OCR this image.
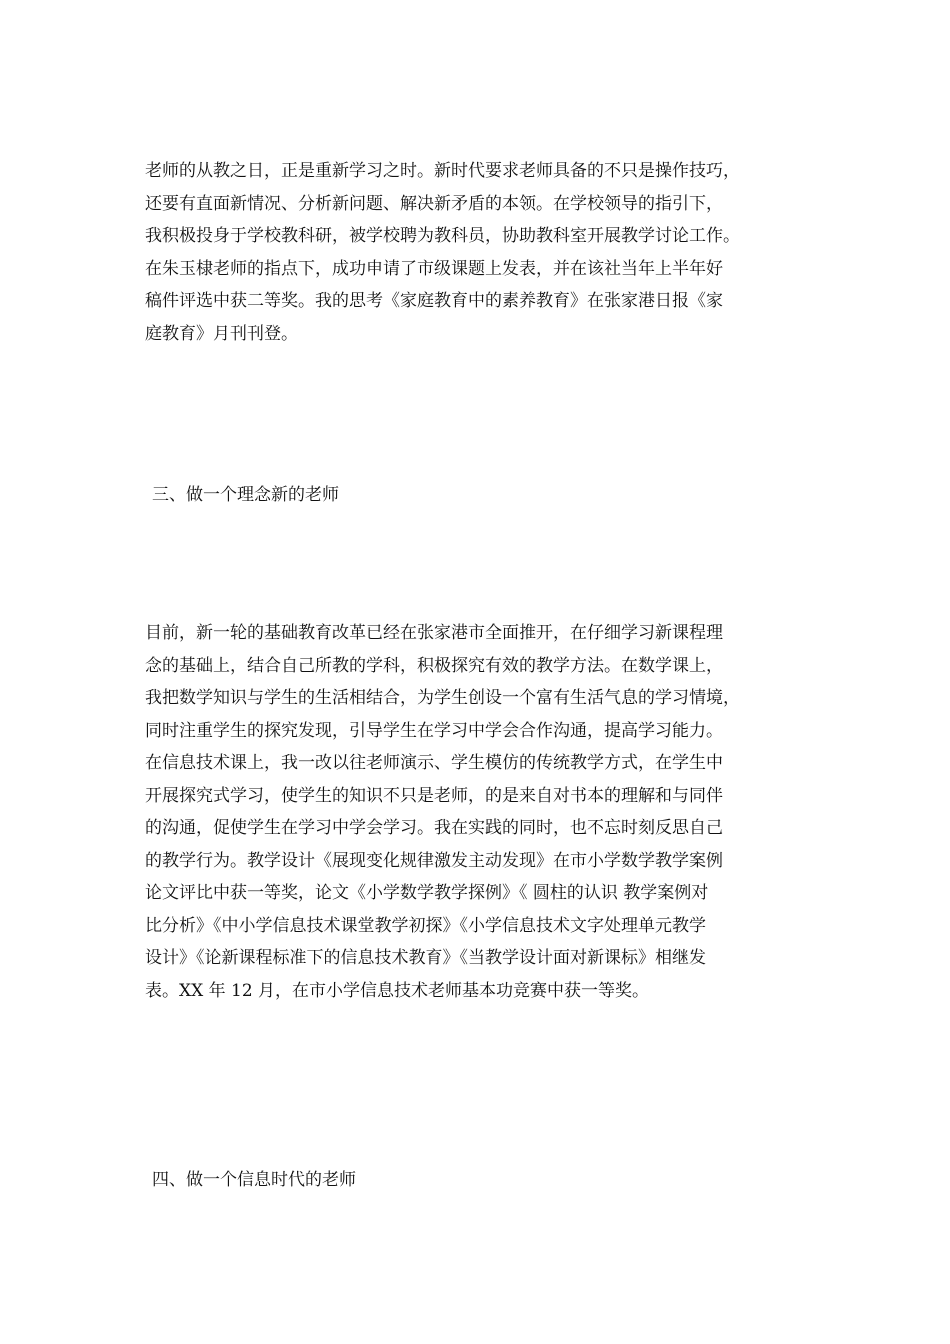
老师的从教之日，正是重新学习之时。新时代要求老师具备的不只是操作技巧，
还要有直面新情况、分析新问题、解决新矛盾的本领。在学校领导的指引下，
我积极投身于学校教科研，被学校聘为教科员，协助教科室开展教学讨论工作。
在朱玉棣老师的指点下，成功申请了市级课题上发表，并在该社当年上半年好
稿件评选中获二等奖。我的思考《家庭教育中的素养教育》在张家港日报《家
庭教育》月刊刊登。
三、做一个理念新的老师
目前，新一轮的基础教育改革已经在张家港市全面推开，在仔细学习新课程理
念的基础上，结合自己所教的学科，积极探究有效的教学方法。在数学课上，
我把数学知识与学生的生活相结合，为学生创设一个富有生活气息的学习情境，
同时注重学生的探究发现，引导学生在学习中学会合作沟通，提高学习能力。
在信息技术课上，我一改以往老师演示、学生模仿的传统教学方式，在学生中
开展探究式学习，使学生的知识不只是老师，的是来自对书本的理解和与同伴
的沟通，促使学生在学习中学会学习。我在实践的同时，也不忘时刻反思自己
的教学行为。教学设计《展现变化规律激发主动发现》在市小学数学教学案例
论文评比中获一等奖，论文《小学数学教学探例》《 圆柱的认识 教学案例对
比分析》《中小学信息技术课堂教学初探》《小学信息技术文字处理单元教学
设计》《论新课程标准下的信息技术教育》《当教学设计面对新课标》相继发
表。XX 年 12 月，在市小学信息技术老师基本功竞赛中获一等奖。
四、做一个信息时代的老师
